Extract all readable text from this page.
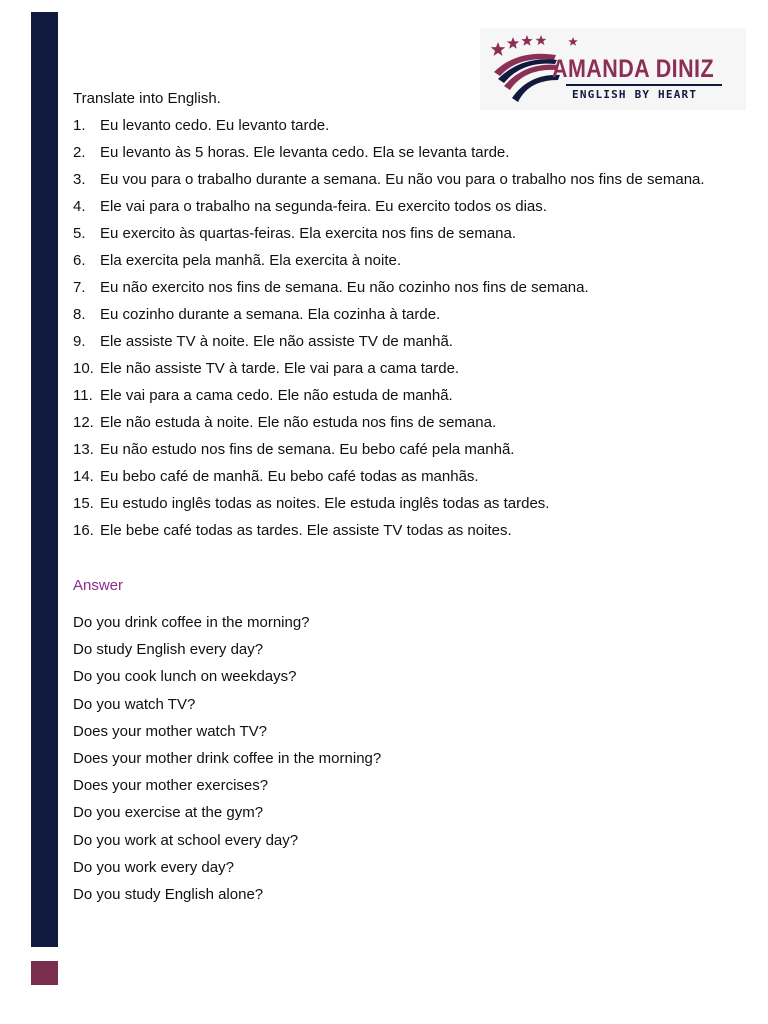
AMANDA DINIZ
ENGLISH BY HEART
Translate into English.
1. Eu levanto cedo. Eu levanto tarde.
2. Eu levanto às 5 horas. Ele levanta cedo. Ela se levanta tarde.
3. Eu vou para o trabalho durante a semana. Eu não vou para o trabalho nos fins de semana.
4. Ele vai para o trabalho na segunda-feira. Eu exercito todos os dias.
5. Eu exercito às quartas-feiras. Ela exercita nos fins de semana.
6. Ela exercita pela manhã. Ela exercita à noite.
7. Eu não exercito nos fins de semana. Eu não cozinho nos fins de semana.
8. Eu cozinho durante a semana. Ela cozinha à tarde.
9. Ele assiste TV à noite. Ele não assiste TV de manhã.
10. Ele não assiste TV à tarde. Ele vai para a cama tarde.
11. Ele vai para a cama cedo. Ele não estuda de manhã.
12. Ele não estuda à noite. Ele não estuda nos fins de semana.
13. Eu não estudo nos fins de semana. Eu bebo café pela manhã.
14. Eu bebo café de manhã. Eu bebo café todas as manhãs.
15. Eu estudo inglês todas as noites. Ele estuda inglês todas as tardes.
16. Ele bebe café todas as tardes. Ele assiste TV todas as noites.
Answer
Do you drink coffee in the morning?
Do study English every day?
Do you cook lunch on weekdays?
Do you watch TV?
Does your mother watch TV?
Does your mother drink coffee in the morning?
Does your mother exercises?
Do you exercise at the gym?
Do you work at school every day?
Do you work every day?
Do you study English alone?
